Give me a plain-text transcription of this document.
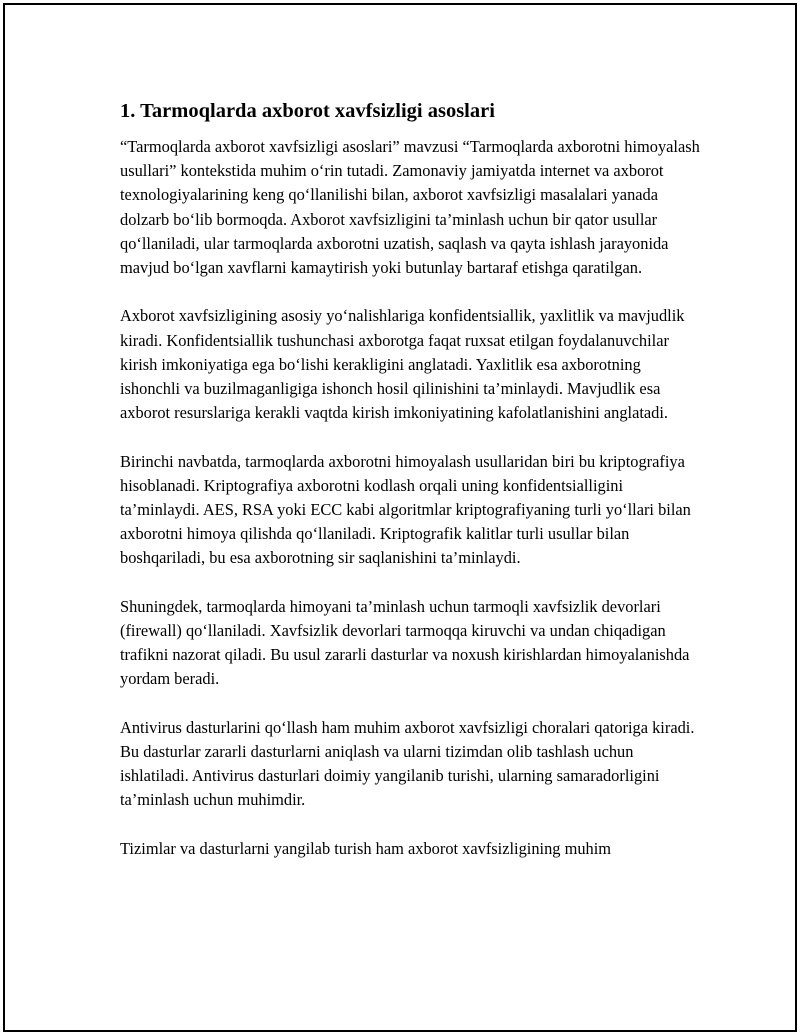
1. Tarmoqlarda axborot xavfsizligi asoslari

“Tarmoqlarda axborot xavfsizligi asoslari” mavzusi “Tarmoqlarda axborotni himoyalash usullari” kontekstida muhim o‘rin tutadi. Zamonaviy jamiyatda internet va axborot texnologiyalarining keng qo‘llanilishi bilan, axborot xavfsizligi masalalari yanada dolzarb bo‘lib bormoqda. Axborot xavfsizligini ta’minlash uchun bir qator usullar qo‘llaniladi, ular tarmoqlarda axborotni uzatish, saqlash va qayta ishlash jarayonida mavjud bo‘lgan xavflarni kamaytirish yoki butunlay bartaraf etishga qaratilgan.

Axborot xavfsizligining asosiy yo‘nalishlariga konfidentsiallik, yaxlitlik va mavjudlik kiradi. Konfidentsiallik tushunchasi axborotga faqat ruxsat etilgan foydalanuvchilar kirish imkoniyatiga ega bo‘lishi kerakligini anglatadi. Yaxlitlik esa axborotning ishonchli va buzilmaganligiga ishonch hosil qilinishini ta’minlaydi. Mavjudlik esa axborot resurslariga kerakli vaqtda kirish imkoniyatining kafolatlanishini anglatadi.

Birinchi navbatda, tarmoqlarda axborotni himoyalash usullaridan biri bu kriptografiya hisoblanadi. Kriptografiya axborotni kodlash orqali uning konfidentsialligini ta’minlaydi. AES, RSA yoki ECC kabi algoritmlar kriptografiyaning turli yo‘llari bilan axborotni himoya qilishda qo‘llaniladi. Kriptografik kalitlar turli usullar bilan boshqariladi, bu esa axborotning sir saqlanishini ta’minlaydi.

Shuningdek, tarmoqlarda himoyani ta’minlash uchun tarmoqli xavfsizlik devorlari (firewall) qo‘llaniladi. Xavfsizlik devorlari tarmoqqa kiruvchi va undan chiqadigan trafikni nazorat qiladi. Bu usul zararli dasturlar va noxush kirishlardan himoyalanishda yordam beradi.

Antivirus dasturlarini qo‘llash ham muhim axborot xavfsizligi choralari qatoriga kiradi. Bu dasturlar zararli dasturlarni aniqlash va ularni tizimdan olib tashlash uchun ishlatiladi. Antivirus dasturlari doimiy yangilanib turishi, ularning samaradorligini ta’minlash uchun muhimdir.

Tizimlar va dasturlarni yangilab turish ham axborot xavfsizligining muhim
